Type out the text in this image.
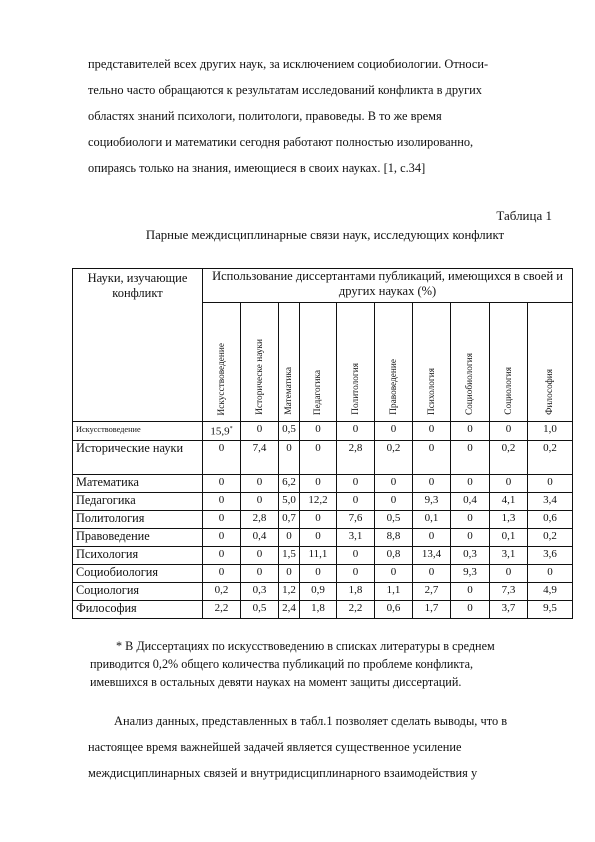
представителей всех других наук, за исключением социобиологии. Относи-
тельно часто обращаются к результатам исследований конфликта в других
областях знаний психологи, политологи, правоведы. В то же время
социобиологи и математики сегодня работают полностью изолированно,
опираясь только на знания, имеющиеся в своих науках. [1, с.34]
Таблица 1
Парные междисциплинарные связи наук, исследующих конфликт
Науки, изучающие конфликт	Использование диссертантами публикаций, имеющихся в своей и других науках (%)									

	Искусствоведение	Историческе науки	Математика	Педагогика	Политология	Правоведение	Психология	Социобиология	Социология	Философия

Искусствоведение	15,9*	0	0,5	0	0	0	0	0	0	1,0
Исторические науки	0	7,4	0	0	2,8	0,2	0	0	0,2	0,2
Математика	0	0	6,2	0	0	0	0	0	0	0
Педагогика	0	0	5,0	12,2	0	0	9,3	0,4	4,1	3,4
Политология	0	2,8	0,7	0	7,6	0,5	0,1	0	1,3	0,6
Правоведение	0	0,4	0	0	3,1	8,8	0	0	0,1	0,2
Психология	0	0	1,5	11,1	0	0,8	13,4	0,3	3,1	3,6
Социобиология	0	0	0	0	0	0	0	9,3	0	0
Социология	0,2	0,3	1,2	0,9	1,8	1,1	2,7	0	7,3	4,9
Философия	2,2	0,5	2,4	1,8	2,2	0,6	1,7	0	3,7	9,5
* В Диссертациях по искусствоведению в списках литературы в среднем
приводится 0,2% общего количества публикаций по проблеме конфликта,
имевшихся в остальных девяти науках на момент защиты диссертаций.
Анализ данных, представленных в табл.1 позволяет сделать выводы, что в
настоящее время важнейшей задачей является существенное усиление
междисциплинарных связей и внутридисциплинарного взаимодействия у
